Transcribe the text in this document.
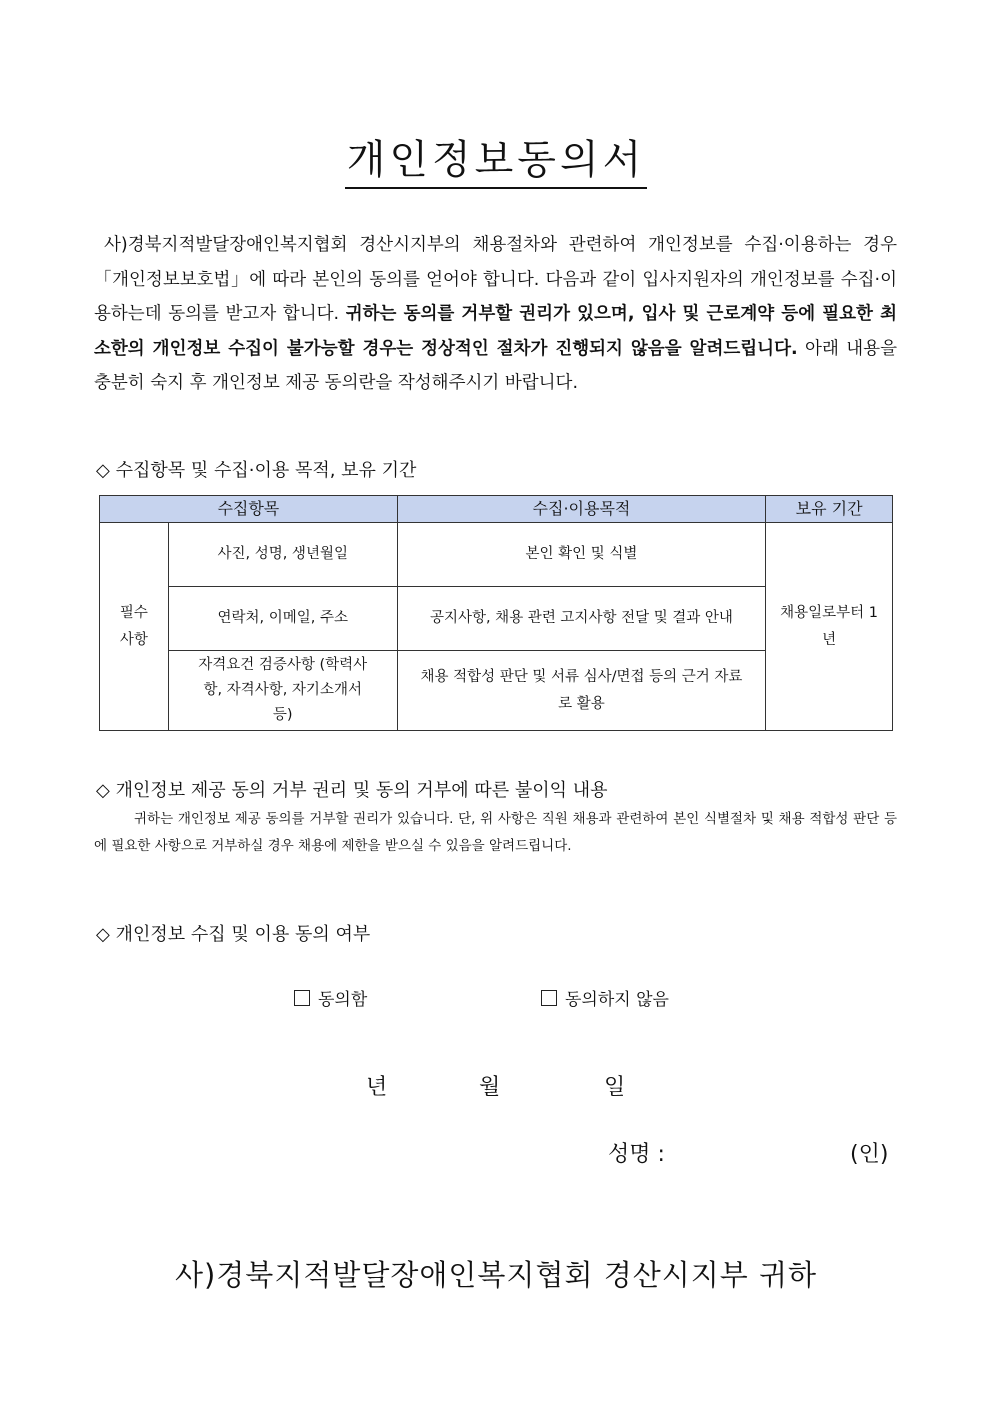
개인정보동의서
사)경북지적발달장애인복지협회 경산시지부의 채용절차와 관련하여 개인정보를 수집·이용하는 경우 「개인정보보호법」에 따라 본인의 동의를 얻어야 합니다. 다음과 같이 입사지원자의 개인정보를 수집·이용하는데 동의를 받고자 합니다. 귀하는 동의를 거부할 권리가 있으며, 입사 및 근로계약 등에 필요한 최소한의 개인정보 수집이 불가능할 경우는 정상적인 절차가 진행되지 않음을 알려드립니다. 아래 내용을 충분히 숙지 후 개인정보 제공 동의란을 작성해주시기 바랍니다.
◇ 수집항목 및 수집·이용 목적, 보유 기간
수집항목		수집·이용목적	보유 기간

필수 사항	사진, 성명, 생년월일	본인 확인 및 식별	채용일로부터 1년

	연락처, 이메일, 주소	공지사항, 채용 관련 고지사항 전달 및 결과 안내	

	자격요건 검증사항 (학력사항, 자격사항, 자기소개서 등)	채용 적합성 판단 및 서류 심사/면접 등의 근거 자료로 활용	
◇ 개인정보 제공 동의 거부 권리 및 동의 거부에 따른 불이익 내용
귀하는 개인정보 제공 동의를 거부할 권리가 있습니다. 단, 위 사항은 직원 채용과 관련하여 본인 식별절차 및 채용 적합성 판단 등에 필요한 사항으로 거부하실 경우 채용에 제한을 받으실 수 있음을 알려드립니다.
◇ 개인정보 수집 및 이용 동의 여부
동의함	동의하지 않음
년	월	일
성명 :	(인)
사)경북지적발달장애인복지협회 경산시지부 귀하
